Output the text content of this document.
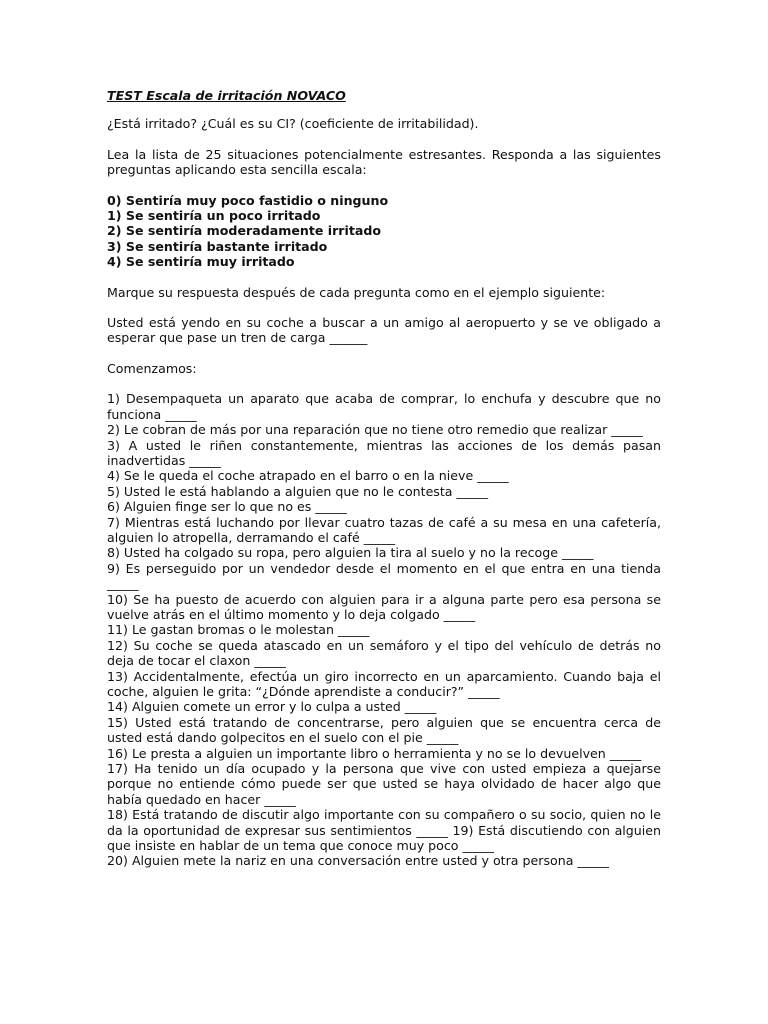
TEST Escala de irritación NOVACO

¿Está irritado? ¿Cuál es su CI? (coeficiente de irritabilidad).

Lea la lista de 25 situaciones potencialmente estresantes. Responda a las siguientes preguntas aplicando esta sencilla escala:

0) Sentiría muy poco fastidio o ninguno
1) Se sentiría un poco irritado
2) Se sentiría moderadamente irritado
3) Se sentiría bastante irritado
4) Se sentiría muy irritado

Marque su respuesta después de cada pregunta como en el ejemplo siguiente:

Usted está yendo en su coche a buscar a un amigo al aeropuerto y se ve obligado a esperar que pase un tren de carga ______

Comenzamos:

1) Desempaqueta un aparato que acaba de comprar, lo enchufa y descubre que no funciona _____
2) Le cobran de más por una reparación que no tiene otro remedio que realizar _____
3) A usted le riñen constantemente, mientras las acciones de los demás pasan inadvertidas _____
4) Se le queda el coche atrapado en el barro o en la nieve _____
5) Usted le está hablando a alguien que no le contesta _____
6) Alguien finge ser lo que no es _____
7) Mientras está luchando por llevar cuatro tazas de café a su mesa en una cafetería, alguien lo atropella, derramando el café _____
8) Usted ha colgado su ropa, pero alguien la tira al suelo y no la recoge _____
9) Es perseguido por un vendedor desde el momento en el que entra en una tienda _____
10) Se ha puesto de acuerdo con alguien para ir a alguna parte pero esa persona se vuelve atrás en el último momento y lo deja colgado _____
11) Le gastan bromas o le molestan _____
12) Su coche se queda atascado en un semáforo y el tipo del vehículo de detrás no deja de tocar el claxon _____
13) Accidentalmente, efectúa un giro incorrecto en un aparcamiento. Cuando baja el coche, alguien le grita: “¿Dónde aprendiste a conducir?” _____
14) Alguien comete un error y lo culpa a usted _____
15) Usted está tratando de concentrarse, pero alguien que se encuentra cerca de usted está dando golpecitos en el suelo con el pie _____
16) Le presta a alguien un importante libro o herramienta y no se lo devuelven _____
17) Ha tenido un día ocupado y la persona que vive con usted empieza a quejarse porque no entiende cómo puede ser que usted se haya olvidado de hacer algo que había quedado en hacer _____
18) Está tratando de discutir algo importante con su compañero o su socio, quien no le da la oportunidad de expresar sus sentimientos _____ 19) Está discutiendo con alguien que insiste en hablar de un tema que conoce muy poco _____
20) Alguien mete la nariz en una conversación entre usted y otra persona _____
